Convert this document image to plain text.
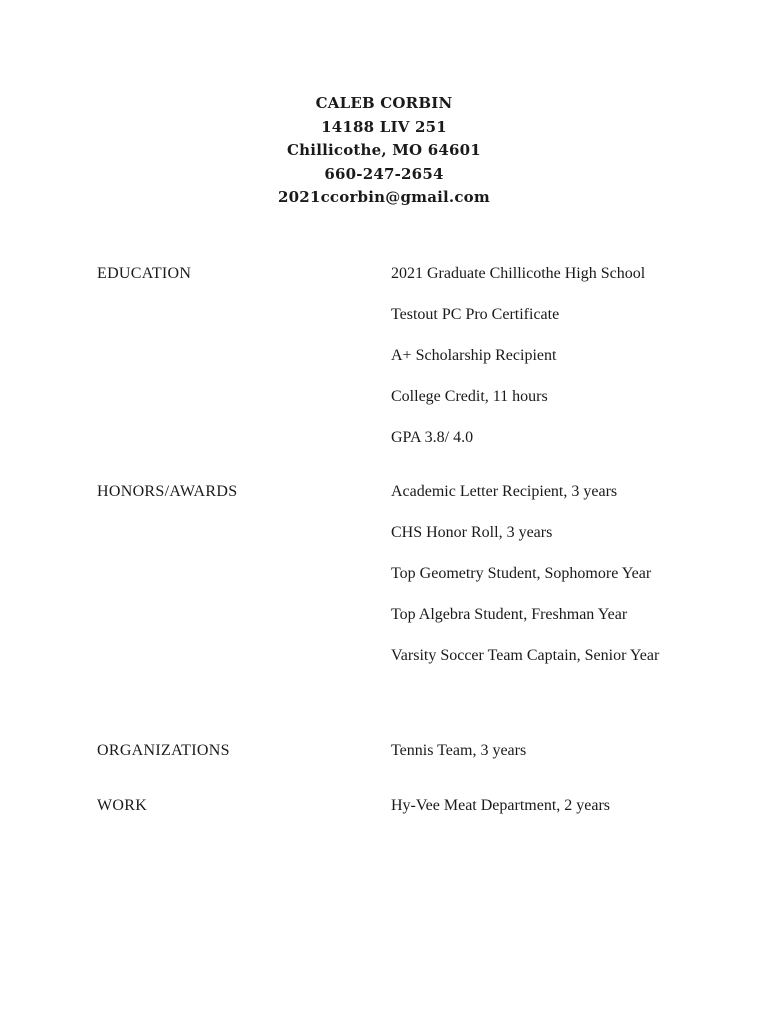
CALEB CORBIN
14188 LIV 251
Chillicothe, MO 64601
660-247-2654
2021ccorbin@gmail.com
EDUCATION	2021 Graduate Chillicothe High School
Testout PC Pro Certificate
A+ Scholarship Recipient
College Credit, 11 hours
GPA 3.8/ 4.0
HONORS/AWARDS	Academic Letter Recipient, 3 years
CHS Honor Roll, 3 years
Top Geometry Student, Sophomore Year
Top Algebra Student, Freshman Year
Varsity Soccer Team Captain, Senior Year
ORGANIZATIONS	Tennis Team, 3 years
WORK	Hy-Vee Meat Department, 2 years
